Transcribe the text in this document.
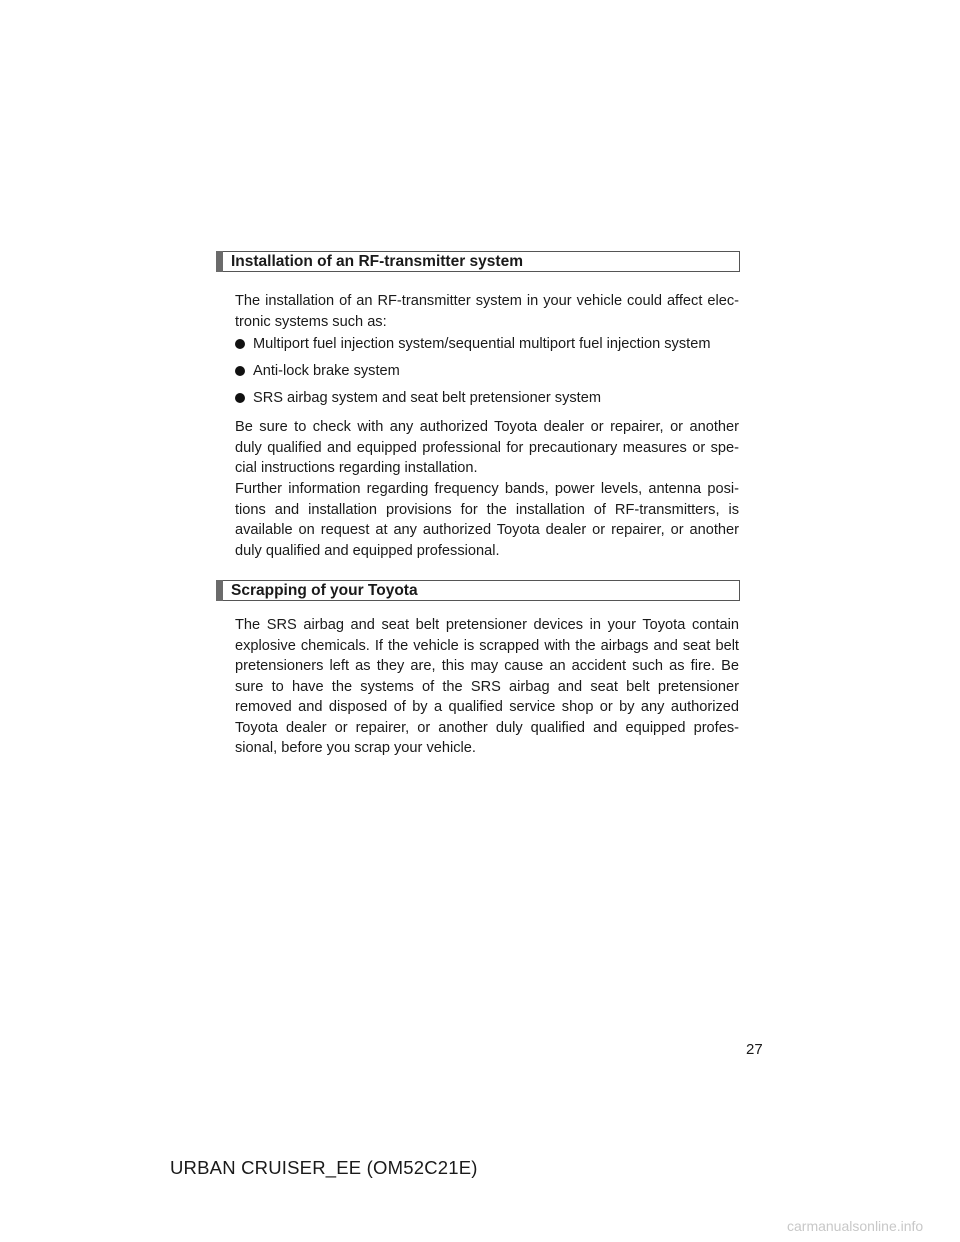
Installation of an RF-transmitter system
The installation of an RF-transmitter system in your vehicle could affect elec-
tronic systems such as:
Multiport fuel injection system/sequential multiport fuel injection system
Anti-lock brake system
SRS airbag system and seat belt pretensioner system
Be sure to check with any authorized Toyota dealer or repairer, or another
duly qualified and equipped professional for precautionary measures or spe-
cial instructions regarding installation.
Further information regarding frequency bands, power levels, antenna posi-
tions and installation provisions for the installation of RF-transmitters, is
available on request at any authorized Toyota dealer or repairer, or another
duly qualified and equipped professional.
Scrapping of your Toyota
The SRS airbag and seat belt pretensioner devices in your Toyota contain
explosive chemicals. If the vehicle is scrapped with the airbags and seat belt
pretensioners left as they are, this may cause an accident such as fire. Be
sure to have the systems of the SRS airbag and seat belt pretensioner
removed and disposed of by a qualified service shop or by any authorized
Toyota dealer or repairer, or another duly qualified and equipped profes-
sional, before you scrap your vehicle.
27
URBAN CRUISER_EE (OM52C21E)
carmanualsonline.info
